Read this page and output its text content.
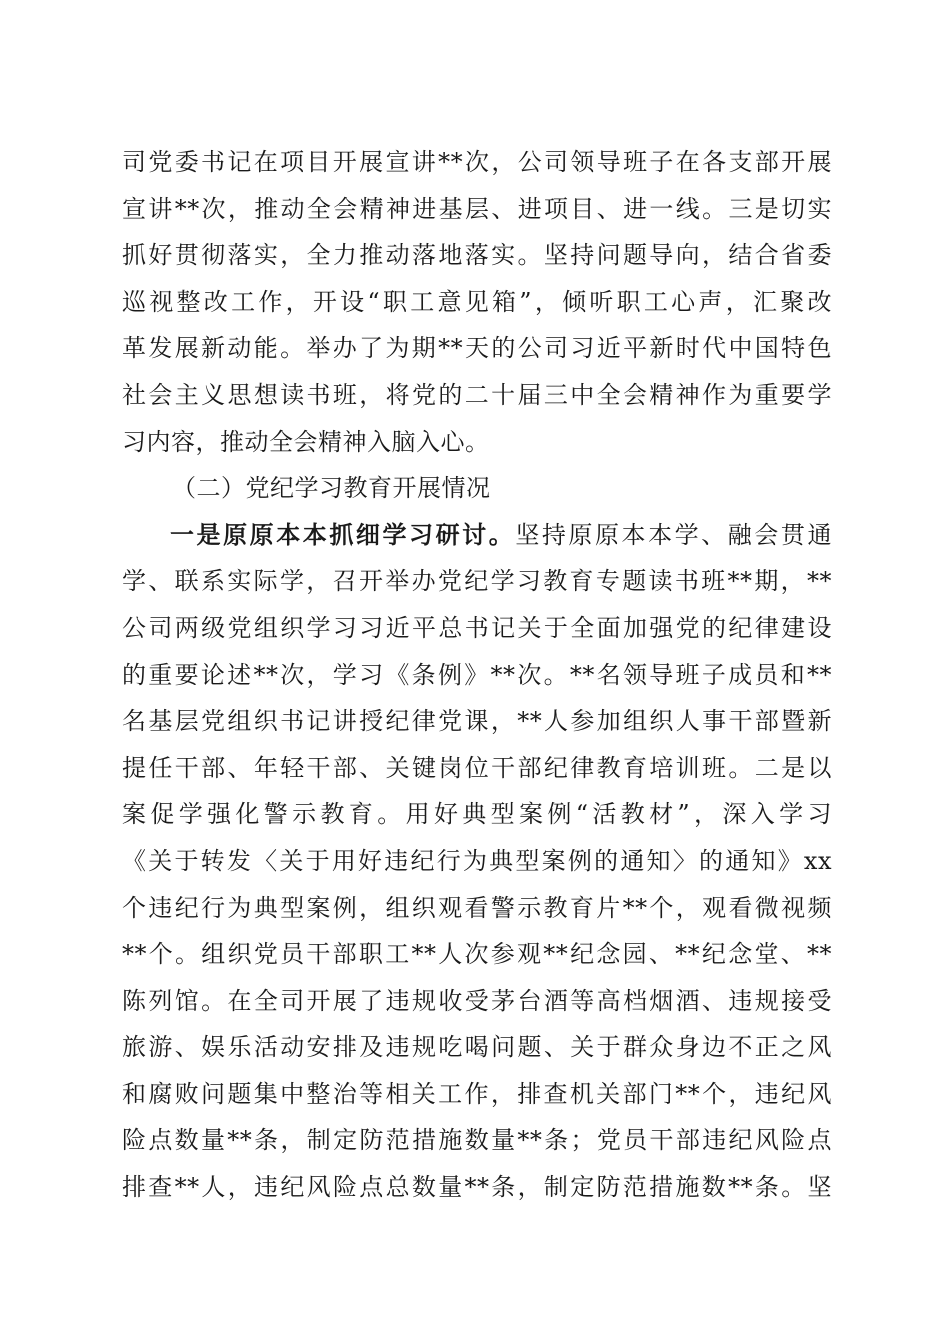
司党委书记在项目开展宣讲**次，公司领导班子在各支部开展
宣讲**次，推动全会精神进基层、进项目、进一线。三是切实
抓好贯彻落实，全力推动落地落实。坚持问题导向，结合省委
巡视整改工作，开设“职工意见箱”，倾听职工心声，汇聚改
革发展新动能。举办了为期**天的公司习近平新时代中国特色
社会主义思想读书班，将党的二十届三中全会精神作为重要学
习内容，推动全会精神入脑入心。
（二）党纪学习教育开展情况
一是原原本本抓细学习研讨。坚持原原本本学、融会贯通
学、联系实际学，召开举办党纪学习教育专题读书班**期，**
公司两级党组织学习习近平总书记关于全面加强党的纪律建设
的重要论述**次，学习《条例》**次。**名领导班子成员和**
名基层党组织书记讲授纪律党课，**人参加组织人事干部暨新
提任干部、年轻干部、关键岗位干部纪律教育培训班。二是以
案促学强化警示教育。用好典型案例“活教材”，深入学习
《关于转发〈关于用好违纪行为典型案例的通知〉的通知》xx
个违纪行为典型案例，组织观看警示教育片**个，观看微视频
**个。组织党员干部职工**人次参观**纪念园、**纪念堂、**
陈列馆。在全司开展了违规收受茅台酒等高档烟酒、违规接受
旅游、娱乐活动安排及违规吃喝问题、关于群众身边不正之风
和腐败问题集中整治等相关工作，排查机关部门**个，违纪风
险点数量**条，制定防范措施数量**条；党员干部违纪风险点
排查**人，违纪风险点总数量**条，制定防范措施数**条。坚
